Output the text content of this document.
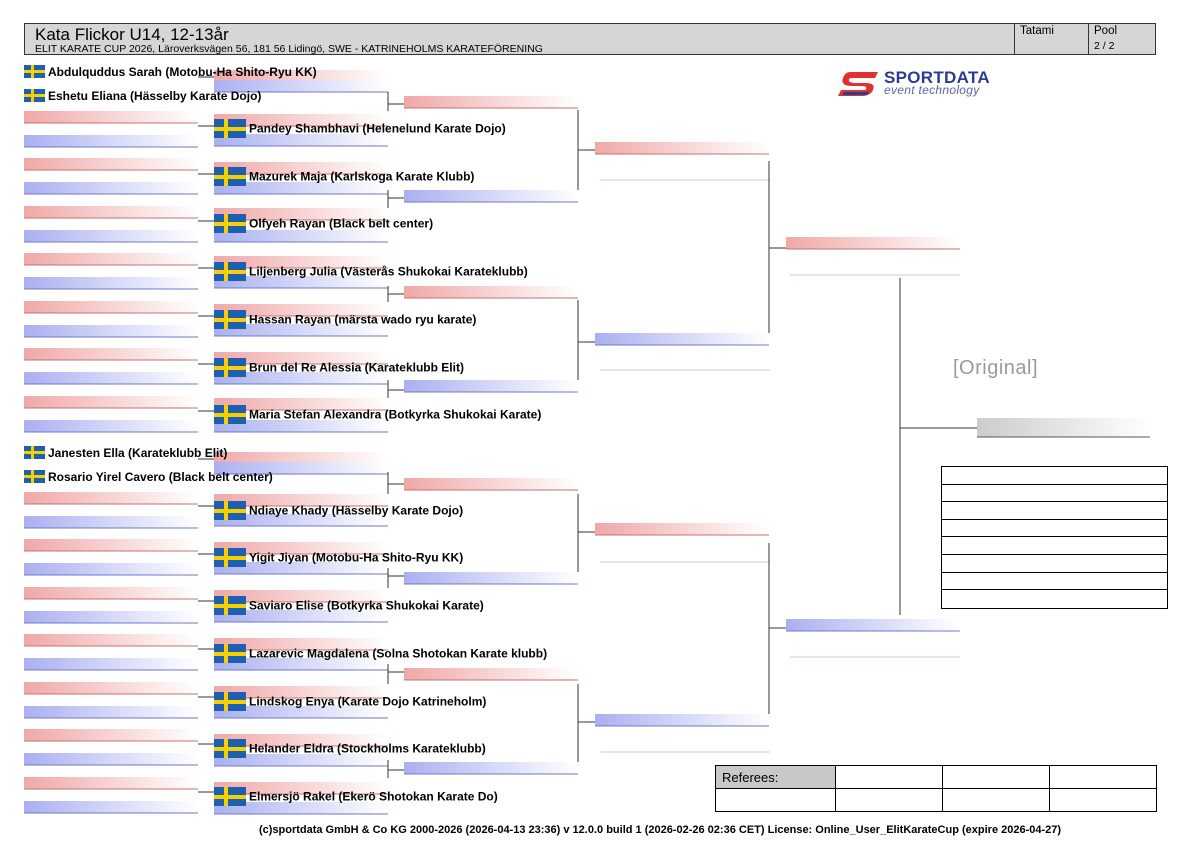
Kata Flickor U14, 12-13år
ELIT KARATE CUP 2026, Läroverksvägen 56, 181 56 Lidingö, SWE - KATRINEHOLMS KARATEFÖRENING
Tatami	Pool
2 / 2
SPORTDATA
event technology
Abdulquddus Sarah (Motobu-Ha Shito-Ryu KK)
Eshetu Eliana (Hässelby Karate Dojo)
Pandey Shambhavi (Helenelund Karate Dojo)
Mazurek Maja (Karlskoga Karate Klubb)
Olfyeh Rayan (Black belt center)
Liljenberg Julia (Västerås Shukokai Karateklubb)
Hassan Rayan (märsta wado ryu karate)
Brun del Re Alessia (Karateklubb Elit)
Maria Stefan Alexandra (Botkyrka Shukokai Karate)
Janesten Ella (Karateklubb Elit)
Rosario Yirel Cavero (Black belt center)
Ndiaye Khady (Hässelby Karate Dojo)
Yigit Jiyan (Motobu-Ha Shito-Ryu KK)
Saviaro Elise (Botkyrka Shukokai Karate)
Lazarevic Magdalena (Solna Shotokan Karate klubb)
Lindskog Enya (Karate Dojo Katrineholm)
Helander Eldra (Stockholms Karateklubb)
Elmersjö Rakel (Ekerö Shotokan Karate Do)
[Original]
Referees:
(c)sportdata GmbH & Co KG 2000-2026 (2026-04-13 23:36) v 12.0.0 build 1 (2026-02-26 02:36 CET) License: Online_User_ElitKarateCup (expire 2026-04-27)
